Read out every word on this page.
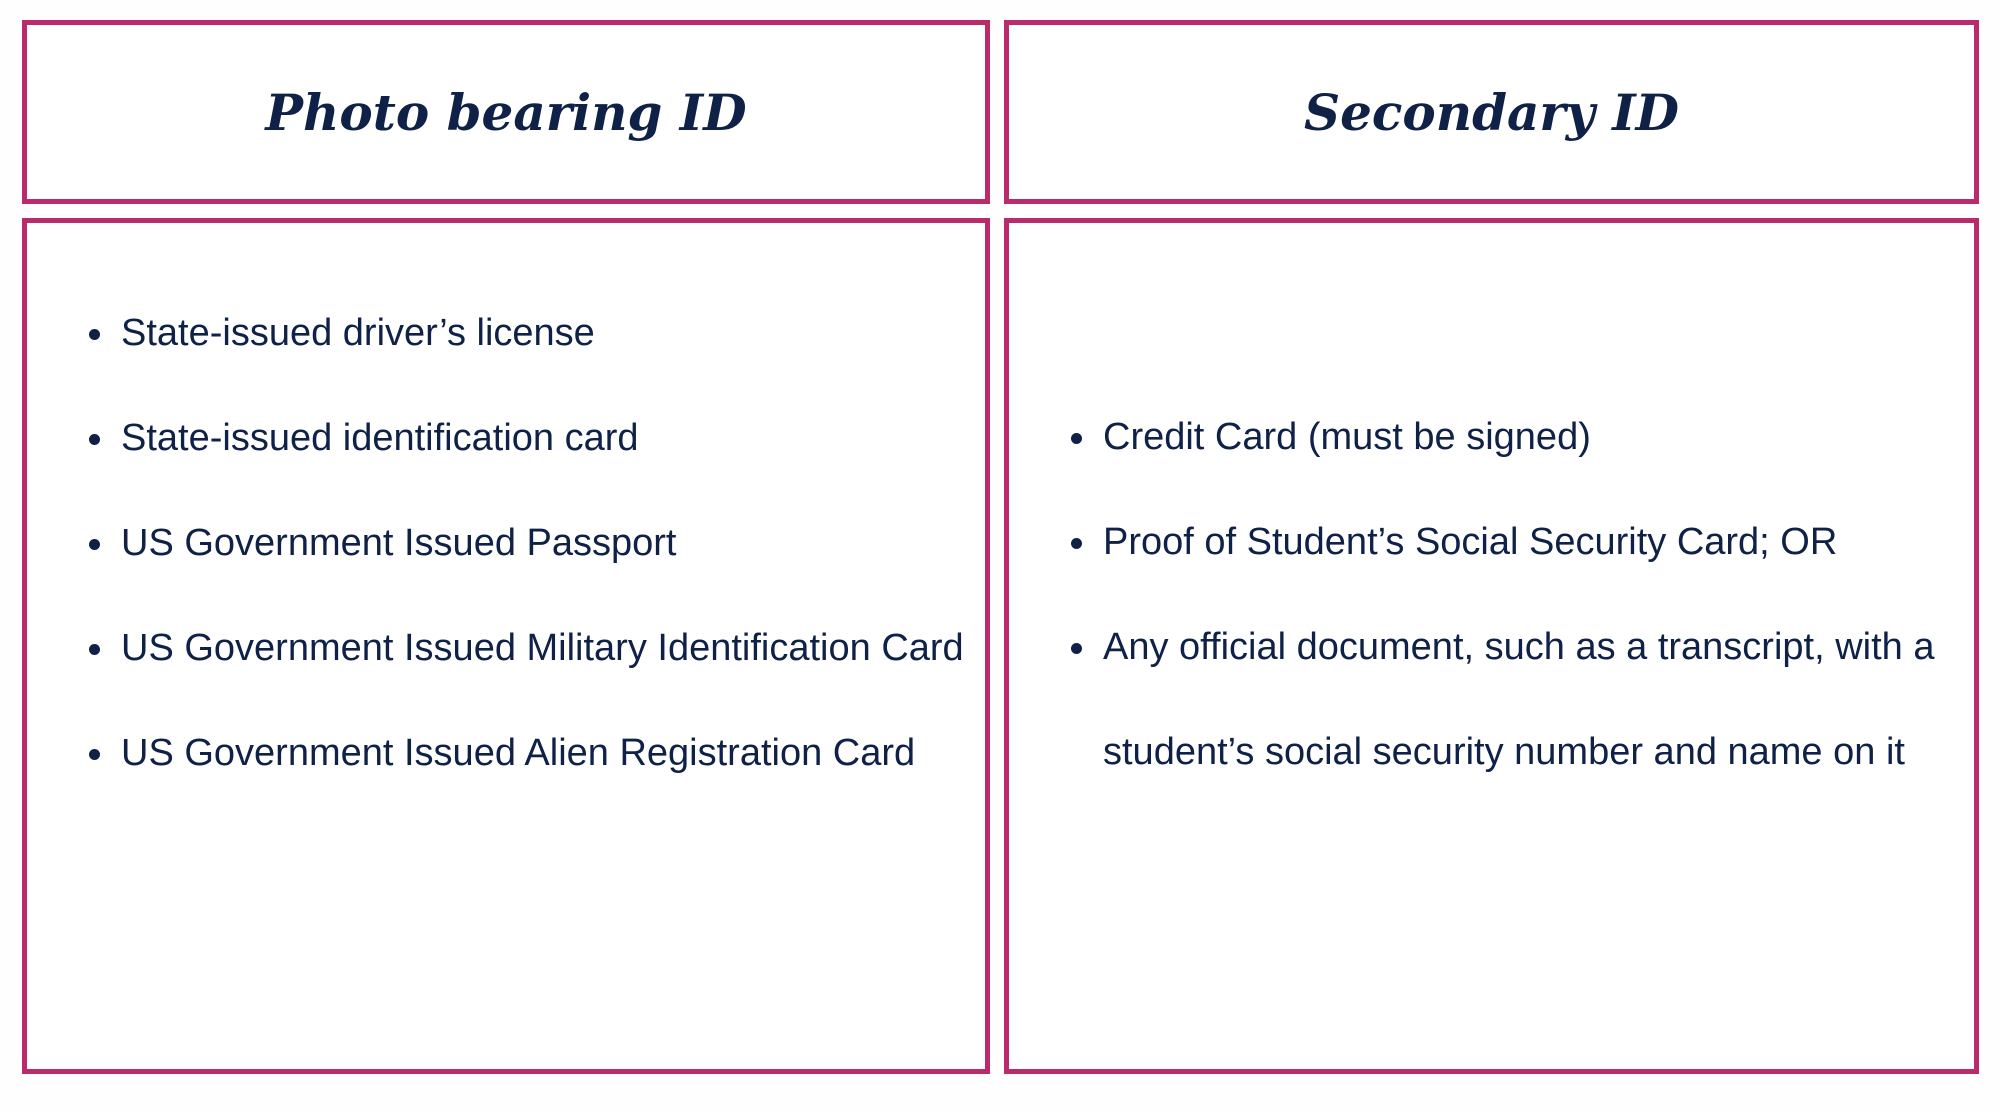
Photo bearing ID	Secondary ID
State-issued driver’s license
State-issued identification card
US Government Issued Passport
US Government Issued Military Identification Card
US Government Issued Alien Registration Card
Credit Card (must be signed)
Proof of Student’s Social Security Card; OR
Any official document, such as a transcript, with a student’s social security number and name on it
